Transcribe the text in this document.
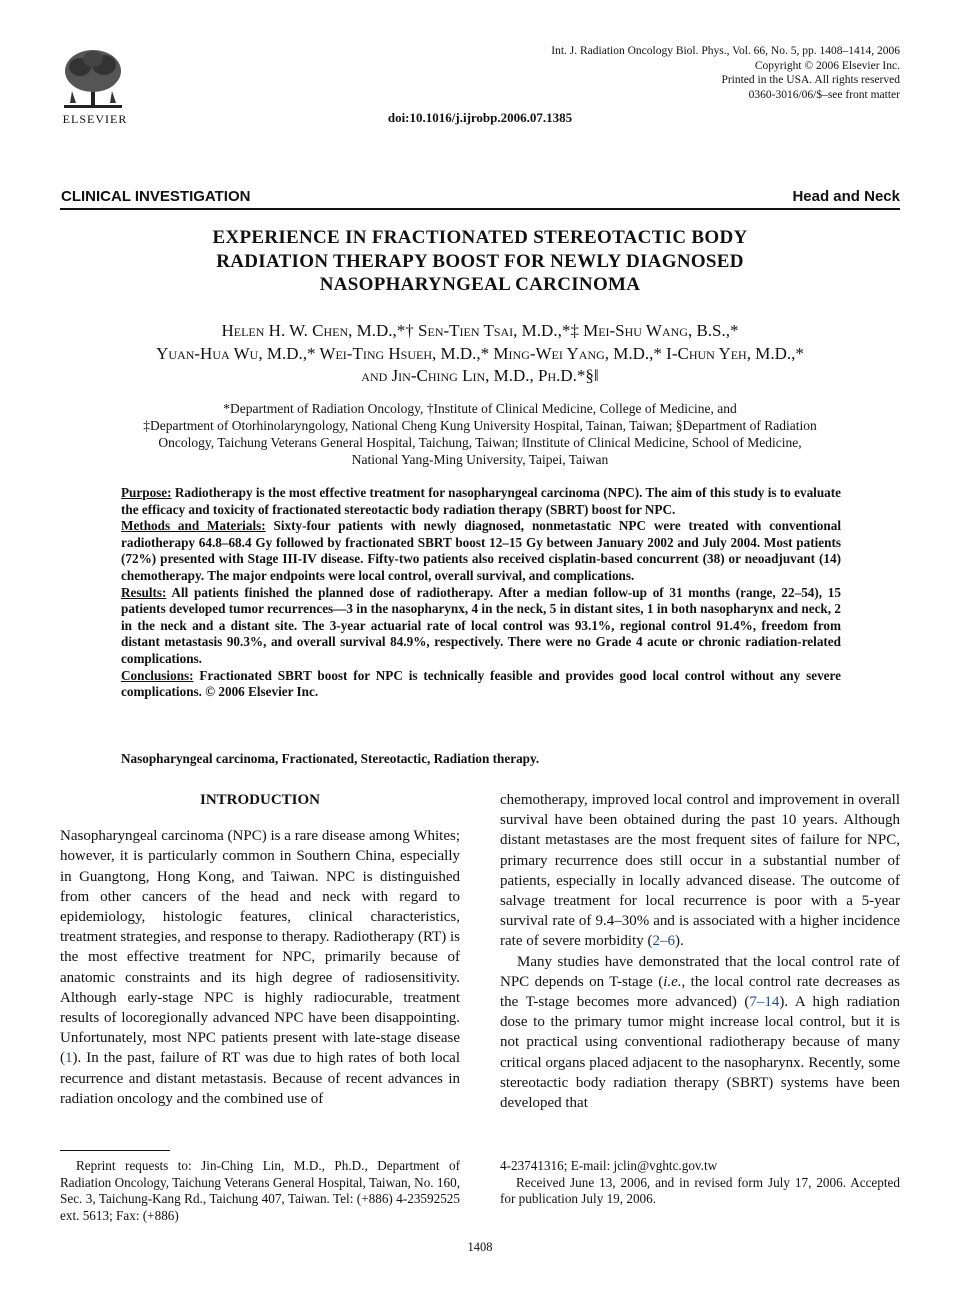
ELSEVIER
Int. J. Radiation Oncology Biol. Phys., Vol. 66, No. 5, pp. 1408–1414, 2006
Copyright © 2006 Elsevier Inc.
Printed in the USA. All rights reserved
0360-3016/06/$–see front matter
doi:10.1016/j.ijrobp.2006.07.1385
CLINICAL INVESTIGATION	Head and Neck
EXPERIENCE IN FRACTIONATED STEREOTACTIC BODY
RADIATION THERAPY BOOST FOR NEWLY DIAGNOSED
NASOPHARYNGEAL CARCINOMA
Helen H. W. Chen, M.D.,*† Sen-Tien Tsai, M.D.,*‡ Mei-Shu Wang, B.S.,*
Yuan-Hua Wu, M.D.,* Wei-Ting Hsueh, M.D.,* Ming-Wei Yang, M.D.,* I-Chun Yeh, M.D.,*
and Jin-Ching Lin, M.D., Ph.D.*§‖
*Department of Radiation Oncology, †Institute of Clinical Medicine, College of Medicine, and
‡Department of Otorhinolaryngology, National Cheng Kung University Hospital, Tainan, Taiwan; §Department of Radiation
Oncology, Taichung Veterans General Hospital, Taichung, Taiwan; ‖Institute of Clinical Medicine, School of Medicine,
National Yang-Ming University, Taipei, Taiwan

Purpose: Radiotherapy is the most effective treatment for nasopharyngeal carcinoma (NPC). The aim of this study is to evaluate the efficacy and toxicity of fractionated stereotactic body radiation therapy (SBRT) boost for NPC.

Methods and Materials: Sixty-four patients with newly diagnosed, nonmetastatic NPC were treated with conventional radiotherapy 64.8–68.4 Gy followed by fractionated SBRT boost 12–15 Gy between January 2002 and July 2004. Most patients (72%) presented with Stage III-IV disease. Fifty-two patients also received cisplatin-based concurrent (38) or neoadjuvant (14) chemotherapy. The major endpoints were local control, overall survival, and complications.

Results: All patients finished the planned dose of radiotherapy. After a median follow-up of 31 months (range, 22–54), 15 patients developed tumor recurrences—3 in the nasopharynx, 4 in the neck, 5 in distant sites, 1 in both nasopharynx and neck, 2 in the neck and a distant site. The 3-year actuarial rate of local control was 93.1%, regional control 91.4%, freedom from distant metastasis 90.3%, and overall survival 84.9%, respectively. There were no Grade 4 acute or chronic radiation-related complications.

Conclusions: Fractionated SBRT boost for NPC is technically feasible and provides good local control without any severe complications. © 2006 Elsevier Inc.

Nasopharyngeal carcinoma, Fractionated, Stereotactic, Radiation therapy.

INTRODUCTION

Nasopharyngeal carcinoma (NPC) is a rare disease among Whites; however, it is particularly common in Southern China, especially in Guangtong, Hong Kong, and Taiwan. NPC is distinguished from other cancers of the head and neck with regard to epidemiology, histologic features, clinical characteristics, treatment strategies, and response to therapy. Radiotherapy (RT) is the most effective treatment for NPC, primarily because of anatomic constraints and its high degree of radiosensitivity. Although early-stage NPC is highly radiocurable, treatment results of locoregionally advanced NPC have been disappointing. Unfortunately, most NPC patients present with late-stage disease (1). In the past, failure of RT was due to high rates of both local recurrence and distant metastasis. Because of recent advances in radiation oncology and the combined use of

chemotherapy, improved local control and improvement in overall survival have been obtained during the past 10 years. Although distant metastases are the most frequent sites of failure for NPC, primary recurrence does still occur in a substantial number of patients, especially in locally advanced disease. The outcome of salvage treatment for local recurrence is poor with a 5-year survival rate of 9.4–30% and is associated with a higher incidence rate of severe morbidity (2–6).

Many studies have demonstrated that the local control rate of NPC depends on T-stage (i.e., the local control rate decreases as the T-stage becomes more advanced) (7–14). A high radiation dose to the primary tumor might increase local control, but it is not practical using conventional radiotherapy because of many critical organs placed adjacent to the nasopharynx. Recently, some stereotactic body radiation therapy (SBRT) systems have been developed that

Reprint requests to: Jin-Ching Lin, M.D., Ph.D., Department of Radiation Oncology, Taichung Veterans General Hospital, Taiwan, No. 160, Sec. 3, Taichung-Kang Rd., Taichung 407, Taiwan. Tel: (+886) 4-23592525 ext. 5613; Fax: (+886)

4-23741316; E-mail: jclin@vghtc.gov.tw

Received June 13, 2006, and in revised form July 17, 2006. Accepted for publication July 19, 2006.

1408
